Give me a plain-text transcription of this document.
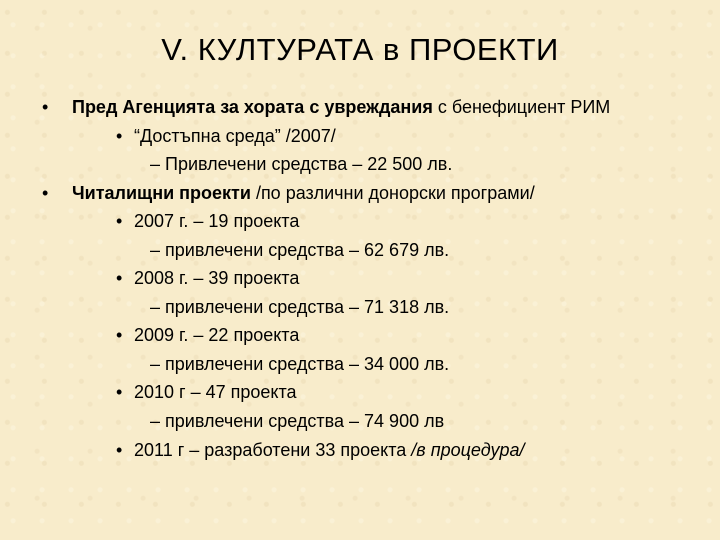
V. КУЛТУРАТА в ПРОЕКТИ
• Пред Агенцията за хората с увреждания с бенефициент РИМ
• “Достъпна среда” /2007/
– Привлечени средства – 22 500 лв.
• Читалищни проекти /по различни донорски програми/
• 2007 г. – 19 проекта
– привлечени средства – 62 679 лв.
• 2008 г. – 39 проекта
– привлечени средства – 71 318 лв.
• 2009 г. – 22 проекта
– привлечени средства – 34 000 лв.
• 2010 г – 47 проекта
– привлечени средства – 74 900 лв
• 2011 г – разработени 33 проекта /в процедура/
